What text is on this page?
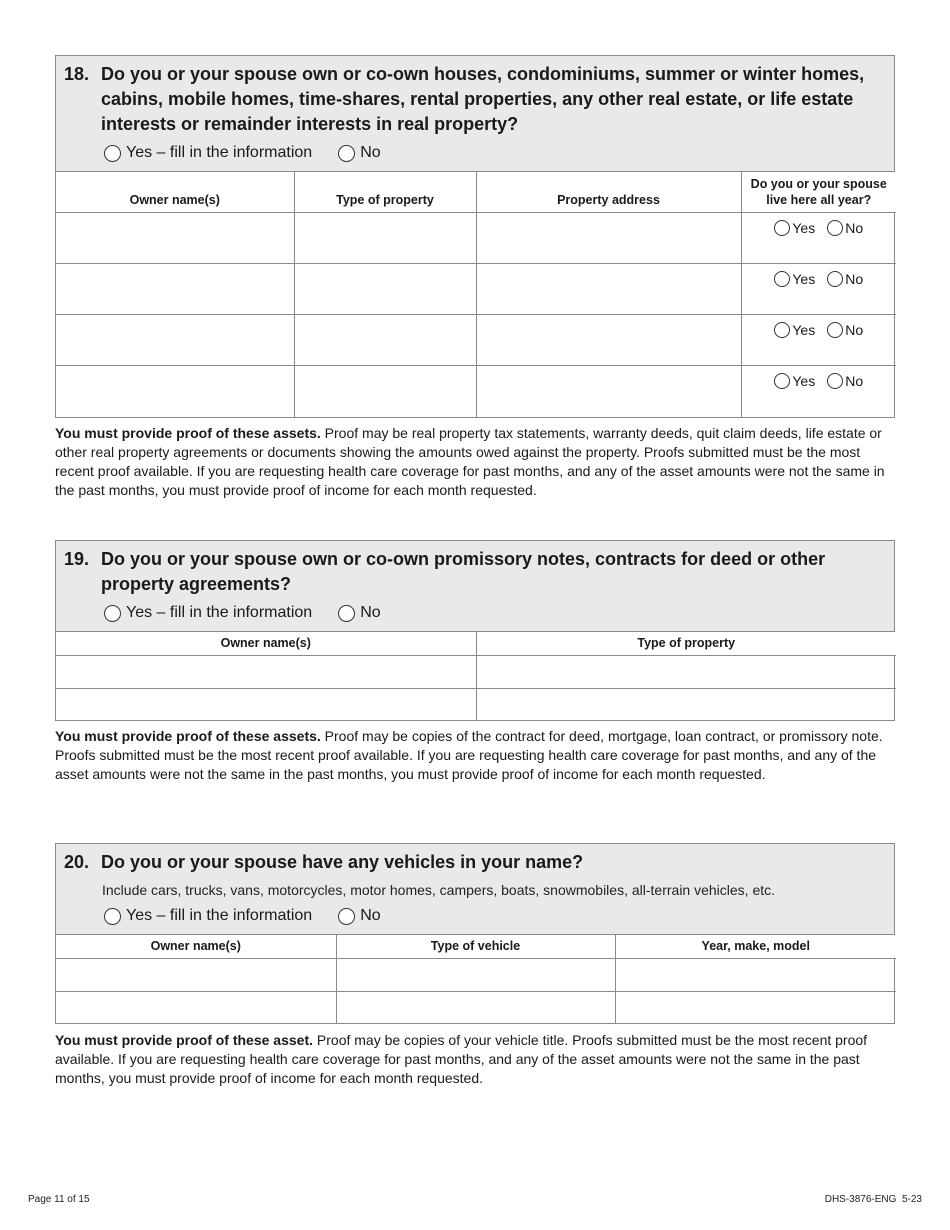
18. Do you or your spouse own or co-own houses, condominiums, summer or winter homes, cabins, mobile homes, time-shares, rental properties, any other real estate, or life estate interests or remainder interests in real property?
Yes – fill in the information	No
Owner name(s)	Type of property	Property address	Do you or your spouse live here all year?

			Yes No

			Yes No

			Yes No

			Yes No

You must provide proof of these assets. Proof may be real property tax statements, warranty deeds, quit claim deeds, life estate or other real property agreements or documents showing the amounts owed against the property. Proofs submitted must be the most recent proof available. If you are requesting health care coverage for past months, and any of the asset amounts were not the same in the past months, you must provide proof of income for each month requested.

19. Do you or your spouse own or co-own promissory notes, contracts for deed or other property agreements?
Yes – fill in the information	No
Owner name(s)	Type of property

You must provide proof of these assets. Proof may be copies of the contract for deed, mortgage, loan contract, or promissory note. Proofs submitted must be the most recent proof available. If you are requesting health care coverage for past months, and any of the asset amounts were not the same in the past months, you must provide proof of income for each month requested.

20. Do you or your spouse have any vehicles in your name?
Include cars, trucks, vans, motorcycles, motor homes, campers, boats, snowmobiles, all-terrain vehicles, etc.
Yes – fill in the information	No
Owner name(s)	Type of vehicle	Year, make, model

You must provide proof of these asset. Proof may be copies of your vehicle title. Proofs submitted must be the most recent proof available. If you are requesting health care coverage for past months, and any of the asset amounts were not the same in the past months, you must provide proof of income for each month requested.

Page 11 of 15	DHS-3876-ENG  5-23
